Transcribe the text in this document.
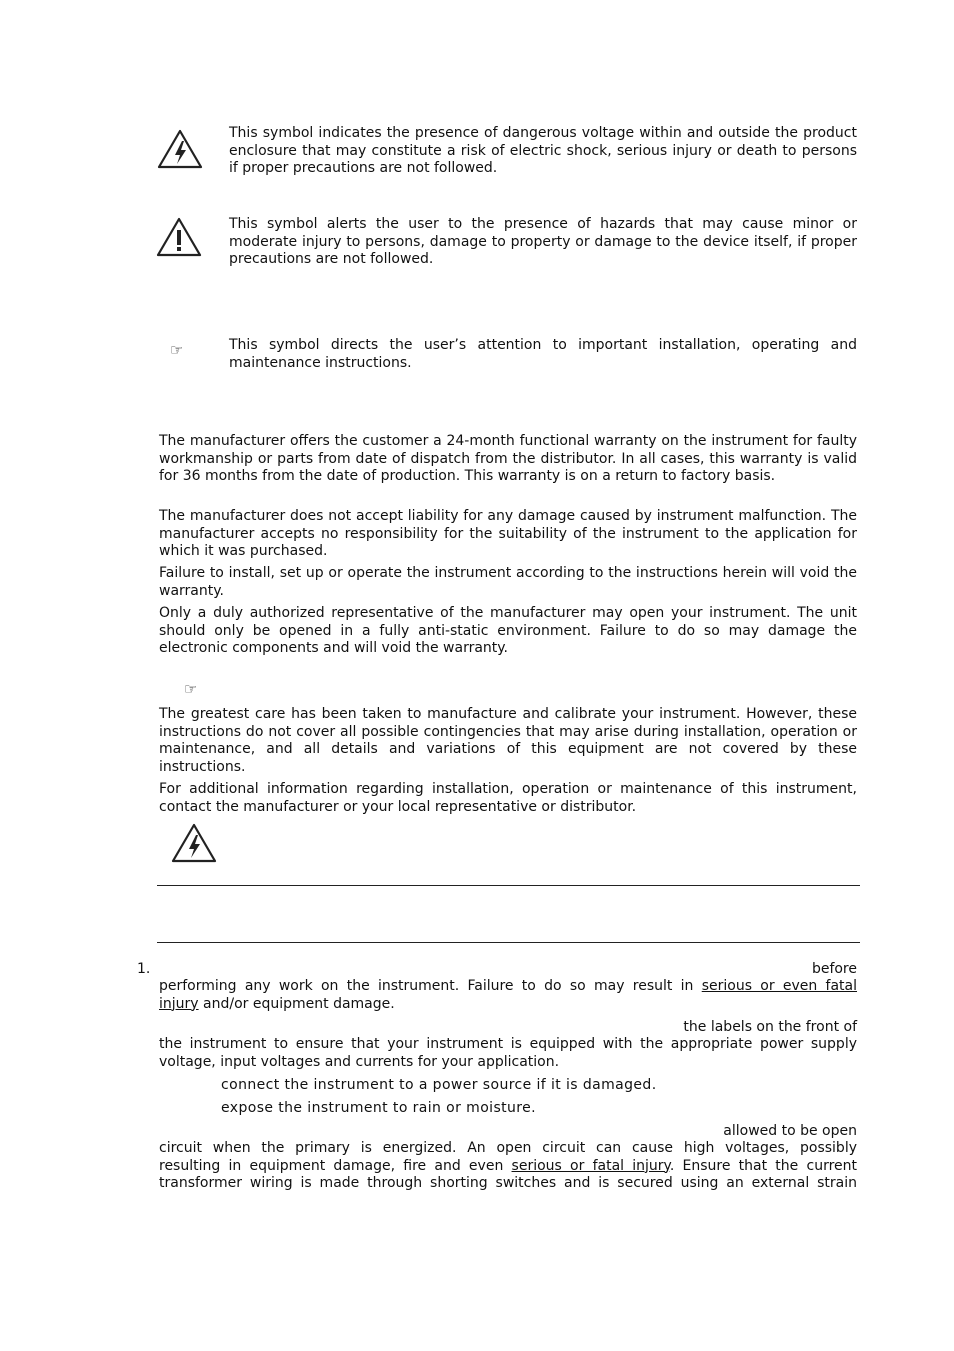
This symbol indicates the presence of dangerous voltage within and outside the product enclosure that may constitute a risk of electric shock, serious injury or death to persons if proper precautions are not followed.

This symbol alerts the user to the presence of hazards that may cause minor or moderate injury to persons, damage to property or damage to the device itself, if proper precautions are not followed.

☞	This symbol directs the user’s attention to important installation, operating and maintenance instructions.

The manufacturer offers the customer a 24-month functional warranty on the instrument for faulty workmanship or parts from date of dispatch from the distributor. In all cases, this warranty is valid for 36 months from the date of production. This warranty is on a return to factory basis.

The manufacturer does not accept liability for any damage caused by instrument malfunction. The manufacturer accepts no responsibility for the suitability of the instrument to the application for which it was purchased.

Failure to install, set up or operate the instrument according to the instructions herein will void the warranty.

Only a duly authorized representative of the manufacturer may open your instrument. The unit should only be opened in a fully anti-static environment. Failure to do so may damage the electronic components and will void the warranty.

☞

The greatest care has been taken to manufacture and calibrate your instrument. However, these instructions do not cover all possible contingencies that may arise during installation, operation or maintenance, and all details and variations of this equipment are not covered by these instructions.

For additional information regarding installation, operation or maintenance of this instrument, contact the manufacturer or your local representative or distributor.

1.	before
performing any work on the instrument. Failure to do so may result in serious or even fatal
injury and/or equipment damage.
the labels on the front of

the instrument to ensure that your instrument is equipped with the appropriate power supply voltage, input voltages and currents for your application.

connect the instrument to a power source if it is damaged.
expose the instrument to rain or moisture.
allowed to be open
circuit when the primary is energized. An open circuit can cause high voltages, possibly
resulting in equipment damage, fire and even serious or fatal injury. Ensure that the current
transformer wiring is made through shorting switches and is secured using an external strain
